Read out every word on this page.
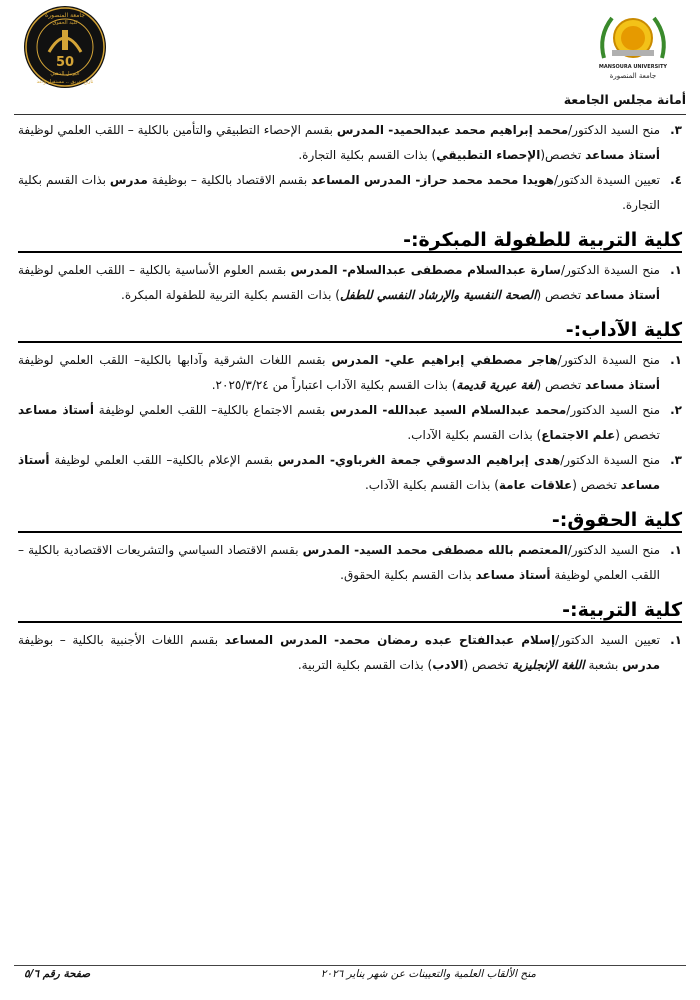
50
جامعة المنصورة
كلية الحقوق
اليوبيل الذهبي
تاريخ عريق .. مستقبل واعد
MANSOURA UNIVERSITY
جامعة المنصورة
أمانة مجلس الجامعة
٣.
منح السيد الدكتور/محمد إبراهيم محمد عبدالحميد- المدرس بقسم الإحصاء التطبيقي والتأمين بالكلية – اللقب العلمي لوظيفة أستاذ مساعد تخصص(الإحصاء التطبيقي) بذات القسم بكلية التجارة.
٤.
تعيين السيدة الدكتور/هويدا محمد محمد حراز- المدرس المساعد بقسم الاقتصاد بالكلية – بوظيفة مدرس بذات القسم بكلية التجارة.
كلية التربية للطفولة المبكرة:-
١.
منح السيدة الدكتور/سارة عبدالسلام مصطفى عبدالسلام- المدرس بقسم العلوم الأساسية بالكلية – اللقب العلمي لوظيفة أستاذ مساعد تخصص (الصحة النفسية والإرشاد النفسي للطفل) بذات القسم بكلية التربية للطفولة المبكرة.
كلية الآداب:-
١.
منح السيدة الدكتور/هاجر مصطفي إبراهيم علي- المدرس بقسم اللغات الشرقية وآدابها بالكلية– اللقب العلمي لوظيفة أستاذ مساعد تخصص (لغة عبرية قديمة) بذات القسم بكلية الآداب اعتباراً من ٢٠٢٥/٣/٢٤.
٢.
منح السيد الدكتور/محمد عبدالسلام السيد عبدالله- المدرس بقسم الاجتماع بالكلية– اللقب العلمي لوظيفة أستاذ مساعد تخصص (علم الاجتماع) بذات القسم بكلية الآداب.
٣.
منح السيدة الدكتور/هدى إبراهيم الدسوقي جمعة الغرباوي- المدرس بقسم الإعلام بالكلية– اللقب العلمي لوظيفة أستاذ مساعد تخصص (علاقات عامة) بذات القسم بكلية الآداب.
كلية الحقوق:-
١.
منح السيد الدكتور/المعتصم بالله مصطفى محمد السيد- المدرس بقسم الاقتصاد السياسي والتشريعات الاقتصادية بالكلية – اللقب العلمي لوظيفة أستاذ مساعد بذات القسم بكلية الحقوق.
كلية التربية:-
١.
تعيين السيد الدكتور/إسلام عبدالفتاح عبده رمضان محمد- المدرس المساعد بقسم اللغات الأجنبية بالكلية – بوظيفة مدرس بشعبة اللغة الإنجليزية تخصص (الادب) بذات القسم بكلية التربية.
منح الألقاب العلمية والتعيينات عن شهر يناير ٢٠٢٦
صفحة رقم ٥/٦
